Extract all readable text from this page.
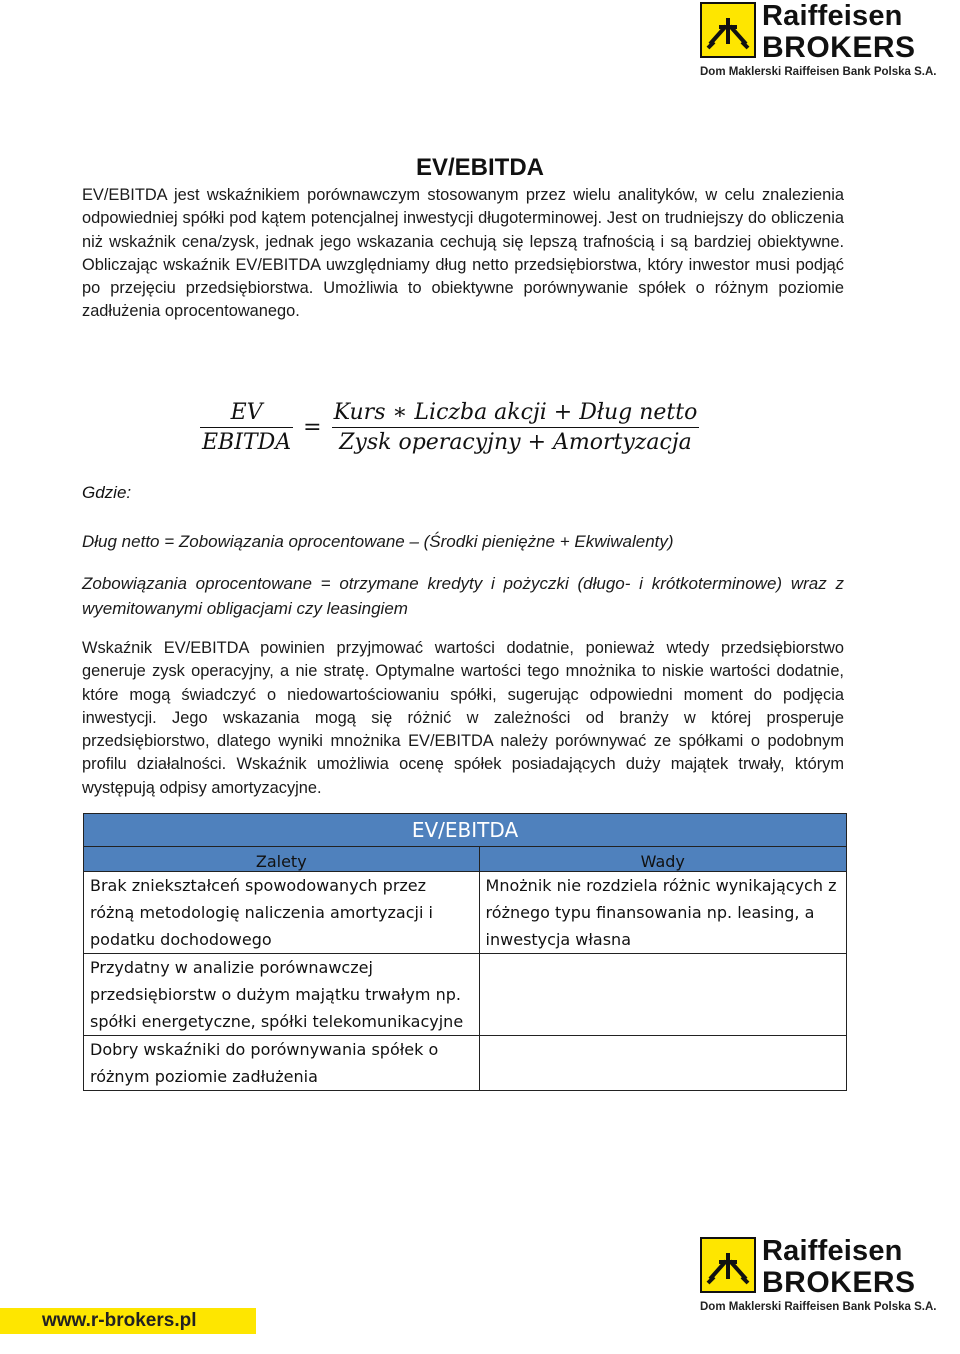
Raiffeisen
BROKERS
Dom Maklerski Raiffeisen Bank Polska S.A.
EV/EBITDA

EV/EBITDA jest wskaźnikiem porównawczym stosowanym przez wielu analityków, w celu znalezienia odpowiedniej spółki pod kątem potencjalnej inwestycji długoterminowej. Jest on trudniejszy do obliczenia niż wskaźnik cena/zysk, jednak jego wskazania cechują się lepszą trafnością i są bardziej obiektywne. Obliczając wskaźnik EV/EBITDA uwzględniamy dług netto przedsiębiorstwa, który inwestor musi podjąć po przejęciu przedsiębiorstwa. Umożliwia to obiektywne porównywanie spółek o różnym poziomie zadłużenia oprocentowanego.

$\frac{EV}{\text{EBITDA}} = \frac{\text{Kurs ∗ Liczba akcji + Dług netto}}{\text{Zysk operacyjny + Amortyzacja}}$
Gdzie:

Dług netto = Zobowiązania oprocentowane – (Środki pieniężne + Ekwiwalenty)

Zobowiązania oprocentowane = otrzymane kredyty i pożyczki (długo- i krótkoterminowe) wraz z wyemitowanymi obligacjami czy leasingiem

Wskaźnik EV/EBITDA powinien przyjmować wartości dodatnie, ponieważ wtedy przedsiębiorstwo generuje zysk operacyjny, a nie stratę. Optymalne wartości tego mnożnika to niskie wartości dodatnie, które mogą świadczyć o niedowartościowaniu spółki, sugerując odpowiedni moment do podjęcia inwestycji. Jego wskazania mogą się różnić w zależności od branży w której prosperuje przedsiębiorstwo, dlatego wyniki mnożnika EV/EBITDA należy porównywać ze spółkami o podobnym profilu działalności. Wskaźnik umożliwia ocenę spółek posiadających duży majątek trwały, którym występują odpisy amortyzacyjne.

EV/EBITDA	
Zalety	Wady
Brak zniekształceń spowodowanych przez różną metodologię naliczenia amortyzacji i podatku dochodowego	Mnożnik nie rozdziela różnic wynikających z różnego typu finansowania np. leasing, a inwestycja własna
Przydatny w analizie porównawczej przedsiębiorstw o dużym majątku trwałym np. spółki energetyczne, spółki telekomunikacyjne	
Dobry wskaźniki do porównywania spółek o różnym poziomie zadłużenia	
Raiffeisen
BROKERS
Dom Maklerski Raiffeisen Bank Polska S.A.
www.r-brokers.pl
